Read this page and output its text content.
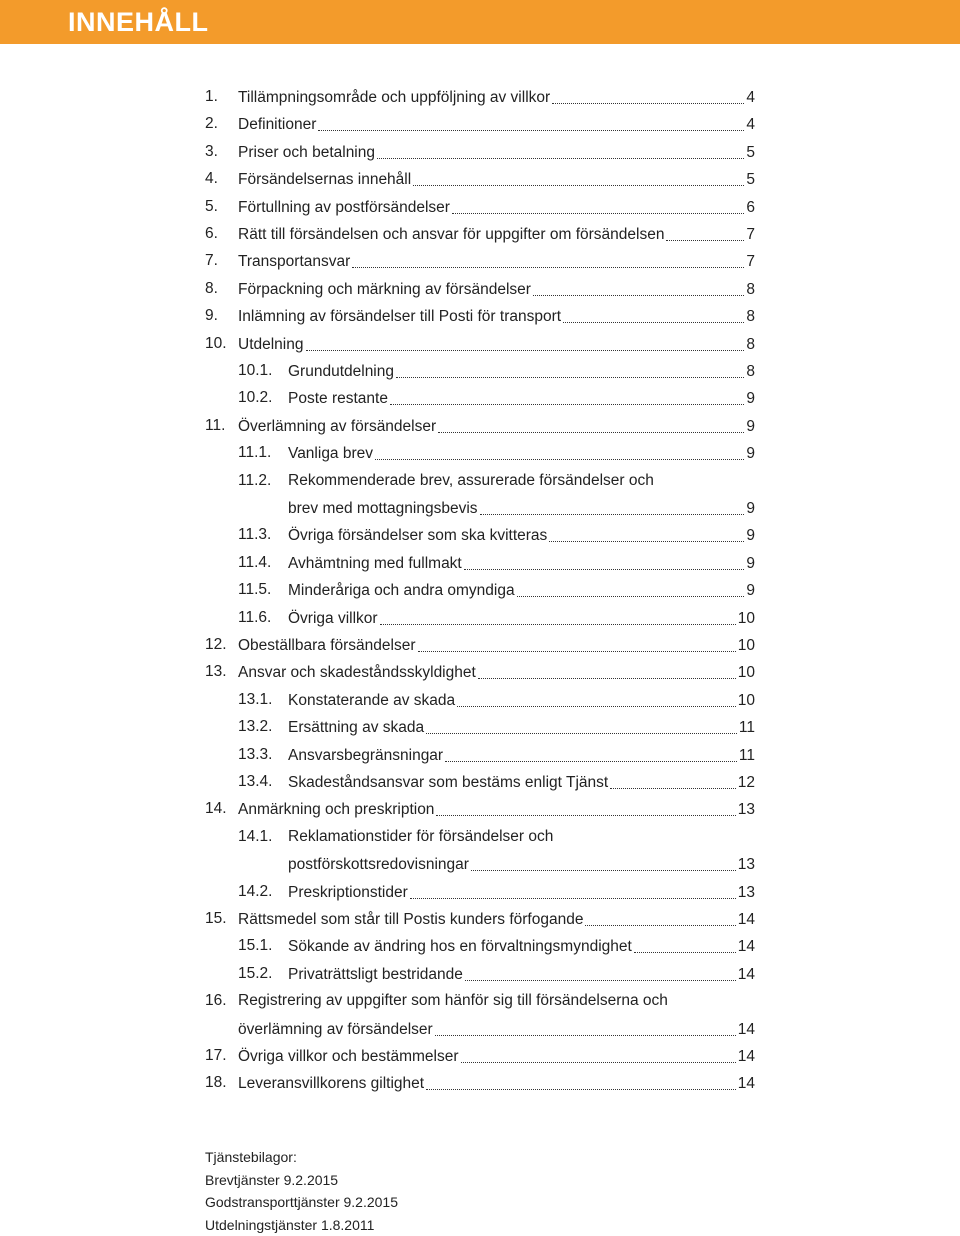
INNEHÅLL
1. Tillämpningsområde och uppföljning av villkor	4
2. Definitioner	4
3. Priser och betalning	5
4. Försändelsernas innehåll	5
5. Förtullning av postförsändelser	6
6. Rätt till försändelsen och ansvar för uppgifter om försändelsen	7
7. Transportansvar	7
8. Förpackning och märkning av försändelser	8
9. Inlämning av försändelser till Posti för transport	8
10. Utdelning	8
10.1. Grundutdelning	8
10.2. Poste restante	9
11. Överlämning av försändelser	9
11.1. Vanliga brev	9
11.2. Rekommenderade brev, assurerade försändelser och
brev med mottagningsbevis	9
11.3. Övriga försändelser som ska kvitteras	9
11.4. Avhämtning med fullmakt	9
11.5. Minderåriga och andra omyndiga	9
11.6. Övriga villkor	10
12. Obeställbara försändelser	10
13. Ansvar och skadeståndsskyldighet	10
13.1. Konstaterande av skada	10
13.2. Ersättning av skada	11
13.3. Ansvarsbegränsningar	11
13.4. Skadeståndsansvar som bestäms enligt Tjänst	12
14. Anmärkning och preskription	13
14.1. Reklamationstider för försändelser och
postförskottsredovisningar	13
14.2. Preskriptionstider	13
15. Rättsmedel som står till Postis kunders förfogande	14
15.1. Sökande av ändring hos en förvaltningsmyndighet	14
15.2. Privaträttsligt bestridande	14
16. Registrering av uppgifter som hänför sig till försändelserna och
överlämning av försändelser	14
17. Övriga villkor och bestämmelser	14
18. Leveransvillkorens giltighet	14
Tjänstebilagor:
Brevtjänster 9.2.2015
Godstransporttjänster 9.2.2015
Utdelningstjänster 1.8.2011
